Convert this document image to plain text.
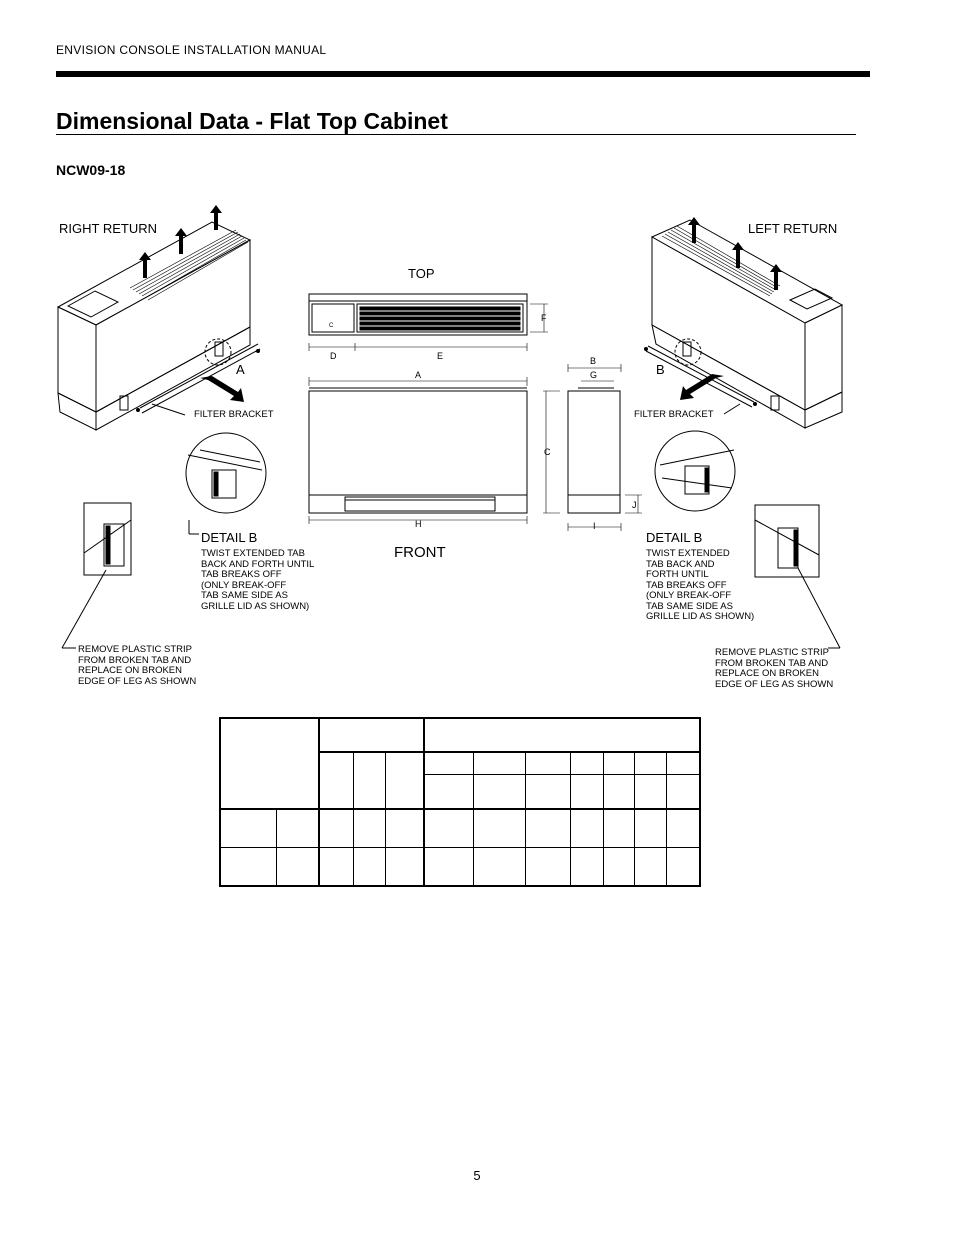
ENVISION CONSOLE INSTALLATION MANUAL
Dimensional Data - Flat Top Cabinet
NCW09-18
RIGHT RETURN	LEFT RETURN
TOP
FRONT
A	B
FILTER BRACKET	FILTER BRACKET
DETAIL B
TWIST EXTENDED TAB
BACK AND FORTH UNTIL
TAB BREAKS OFF
(ONLY BREAK-OFF
TAB SAME SIDE AS
GRILLE LID AS SHOWN)
DETAIL B
TWIST EXTENDED
TAB BACK AND
FORTH UNTIL
TAB BREAKS OFF
(ONLY BREAK-OFF
TAB SAME SIDE AS
GRILLE LID AS SHOWN)
REMOVE PLASTIC STRIP
FROM BROKEN TAB AND
REPLACE ON BROKEN
EDGE OF LEG AS SHOWN
REMOVE PLASTIC STRIP
FROM BROKEN TAB AND
REPLACE ON BROKEN
EDGE OF LEG AS SHOWN
D	E
F
A
H
B
G
C
J
I
C

5
